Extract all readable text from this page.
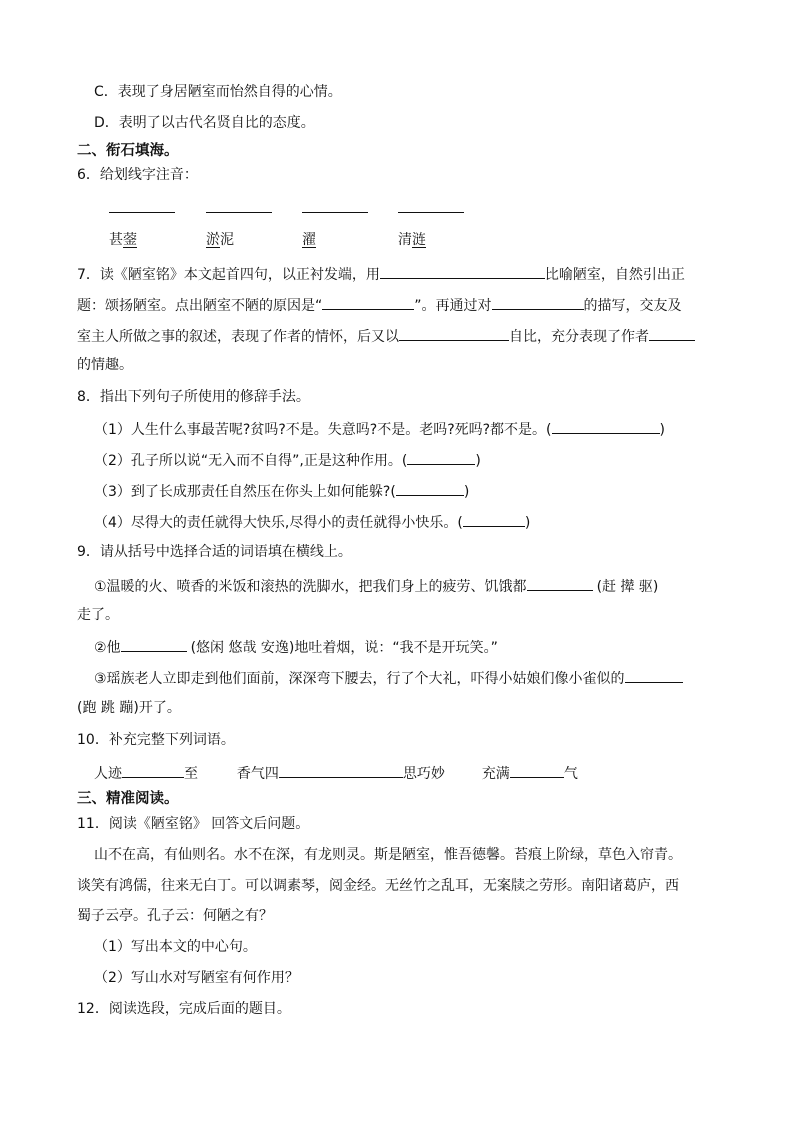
C．表现了身居陋室而怡然自得的心情。
D．表明了以古代名贤自比的态度。
二、衔石填海。
6．给划线字注音：
甚蓥	淤泥	濯	清涟
7．读《陋室铭》本文起首四句，以正衬发端，用	比喻陋室，自然引出正
题：颂扬陋室。点出陋室不陋的原因是“	”。再通过对	的描写，交友及
室主人所做之事的叙述，表现了作者的情怀，后又以	自比，充分表现了作者
的情趣。
8．指出下列句子所使用的修辞手法。
（1）人生什么事最苦呢?贫吗?不是。失意吗?不是。老吗?死吗?都不是。(	)
（2）孔子所以说“无入而不自得”,正是这种作用。(	)
（3）到了长成那责任自然压在你头上如何能躲?(	)
（4）尽得大的责任就得大快乐,尽得小的责任就得小快乐。(	)
9．请从括号中选择合适的词语填在横线上。
①温暖的火、喷香的米饭和滚热的洗脚水，把我们身上的疲劳、饥饿都	(赶 撵 驱)
走了。
②他	(悠闲 悠哉 安逸)地吐着烟，说：“我不是开玩笑。”
③瑶族老人立即走到他们面前，深深弯下腰去，行了个大礼，吓得小姑娘们像小雀似的
(跑 跳 蹦)开了。
10．补充完整下列词语。
人迹	至	香气四	思巧妙	充满	气
三、精准阅读。
11．阅读《陋室铭》 回答文后问题。
山不在高，有仙则名。水不在深，有龙则灵。斯是陋室，惟吾德馨。苔痕上阶绿，草色入帘青。
谈笑有鸿儒，往来无白丁。可以调素琴，阅金经。无丝竹之乱耳，无案牍之劳形。南阳诸葛庐，西
蜀子云亭。孔子云：何陋之有？
（1）写出本文的中心句。
（2）写山水对写陋室有何作用？
12．阅读选段，完成后面的题目。
